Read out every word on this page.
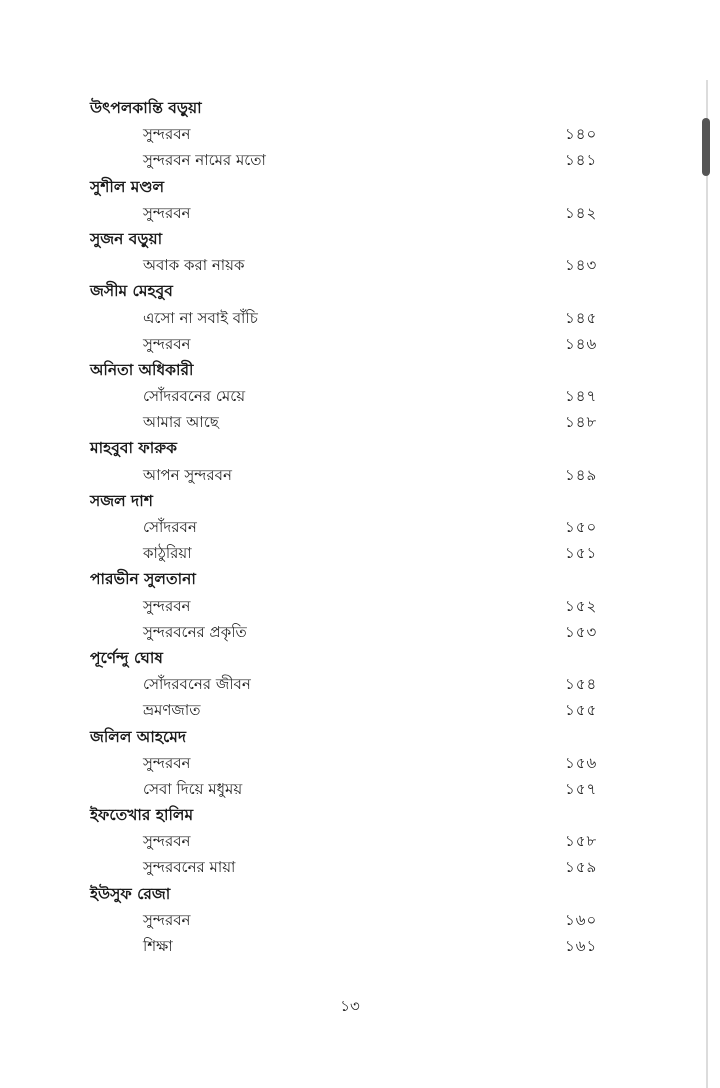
উৎপলকান্তি বড়ুয়া
সুন্দরবন	১৪০
সুন্দরবন নামের মতো	১৪১
সুশীল মণ্ডল
সুন্দরবন	১৪২
সুজন বড়ুয়া
অবাক করা নায়ক	১৪৩
জসীম মেহবুব
এসো না সবাই বাঁচি	১৪৫
সুন্দরবন	১৪৬
অনিতা অধিকারী
সোঁদরবনের মেয়ে	১৪৭
আমার আছে	১৪৮
মাহবুবা ফারুক
আপন সুন্দরবন	১৪৯
সজল দাশ
সোঁদরবন	১৫০
কাঠুরিয়া	১৫১
পারভীন সুলতানা
সুন্দরবন	১৫২
সুন্দরবনের প্রকৃতি	১৫৩
পূর্ণেন্দু ঘোষ
সোঁদরবনের জীবন	১৫৪
ভ্রমণজাত	১৫৫
জলিল আহমেদ
সুন্দরবন	১৫৬
সেবা দিয়ে মধুময়	১৫৭
ইফতেখার হালিম
সুন্দরবন	১৫৮
সুন্দরবনের মায়া	১৫৯
ইউসুফ রেজা
সুন্দরবন	১৬০
শিক্ষা	১৬১
১৩
